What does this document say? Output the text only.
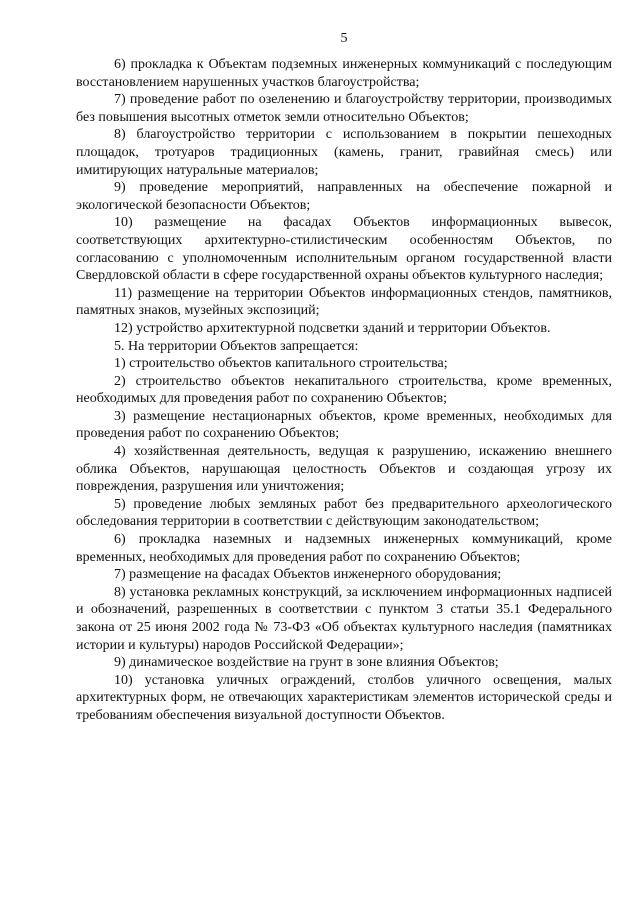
5

6) прокладка к Объектам подземных инженерных коммуникаций с последующим восстановлением нарушенных участков благоустройства;

7) проведение работ по озеленению и благоустройству территории, производимых без повышения высотных отметок земли относительно Объектов;

8) благоустройство территории с использованием в покрытии пешеходных площадок, тротуаров традиционных (камень, гранит, гравийная смесь) или имитирующих натуральные материалов;

9) проведение мероприятий, направленных на обеспечение пожарной и экологической безопасности Объектов;

10) размещение на фасадах Объектов информационных вывесок, соответствующих архитектурно-стилистическим особенностям Объектов, по согласованию с уполномоченным исполнительным органом государственной власти Свердловской области в сфере государственной охраны объектов культурного наследия;

11) размещение на территории Объектов информационных стендов, памятников, памятных знаков, музейных экспозиций;

12) устройство архитектурной подсветки зданий и территории Объектов.

5. На территории Объектов запрещается:

1) строительство объектов капитального строительства;

2) строительство объектов некапитального строительства, кроме временных, необходимых для проведения работ по сохранению Объектов;

3) размещение нестационарных объектов, кроме временных, необходимых для проведения работ по сохранению Объектов;

4) хозяйственная деятельность, ведущая к разрушению, искажению внешнего облика Объектов, нарушающая целостность Объектов и создающая угрозу их повреждения, разрушения или уничтожения;

5) проведение любых земляных работ без предварительного археологического обследования территории в соответствии с действующим законодательством;

6) прокладка наземных и надземных инженерных коммуникаций, кроме временных, необходимых для проведения работ по сохранению Объектов;

7) размещение на фасадах Объектов инженерного оборудования;

8) установка рекламных конструкций, за исключением информационных надписей и обозначений, разрешенных в соответствии с пунктом 3 статьи 35.1 Федерального закона от 25 июня 2002 года № 73-ФЗ «Об объектах культурного наследия (памятниках истории и культуры) народов Российской Федерации»;

9) динамическое воздействие на грунт в зоне влияния Объектов;

10) установка уличных ограждений, столбов уличного освещения, малых архитектурных форм, не отвечающих характеристикам элементов исторической среды и требованиям обеспечения визуальной доступности Объектов.
